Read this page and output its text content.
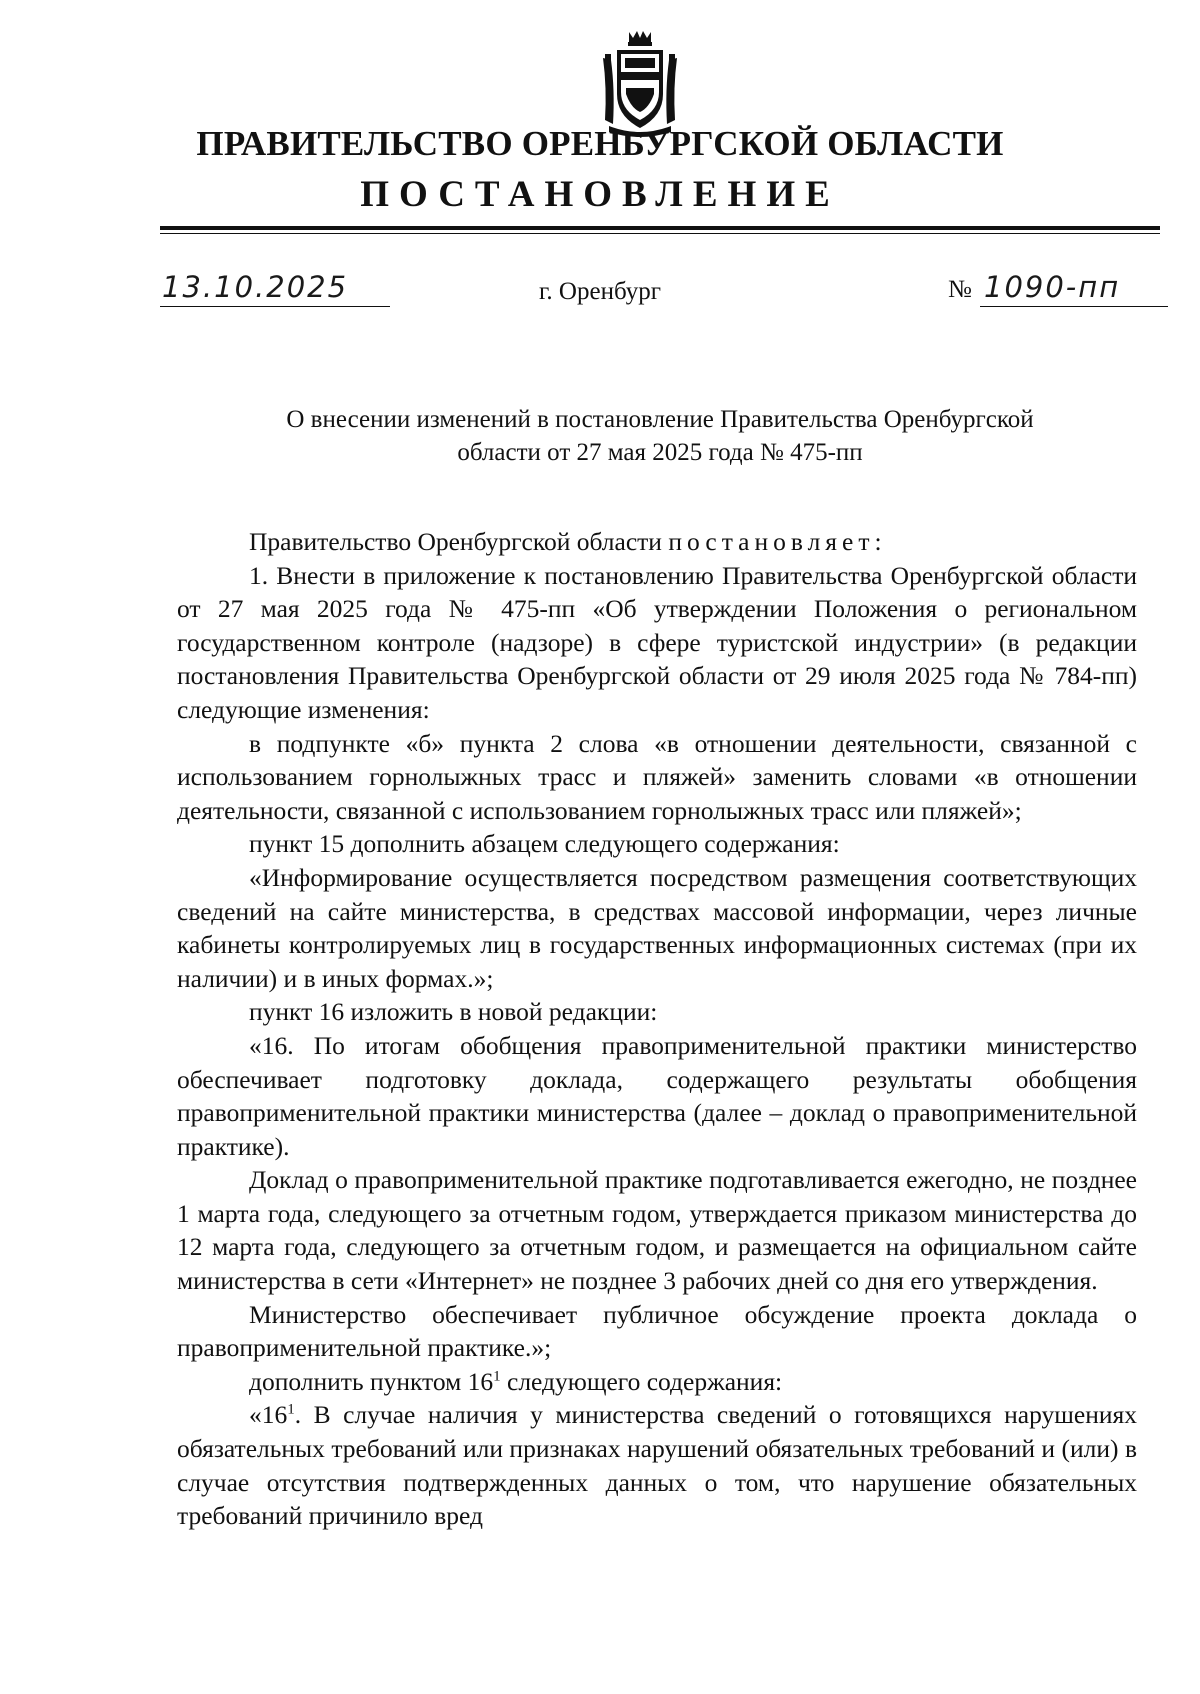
ПРАВИТЕЛЬСТВО ОРЕНБУРГСКОЙ ОБЛАСТИ
ПОСТАНОВЛЕНИЕ
13.10.2025	г. Оренбург	№ 1090-пп

О внесении изменений в постановление Правительства Оренбургской
области от 27 мая 2025 года № 475-пп

Правительство Оренбургской области постановляет:

1. Внести в приложение к постановлению Правительства Оренбургской области от 27 мая 2025 года № 475-пп «Об утверждении Положения о региональном государственном контроле (надзоре) в сфере туристской индустрии» (в редакции постановления Правительства Оренбургской области от 29 июля 2025 года № 784-пп) следующие изменения:

в подпункте «б» пункта 2 слова «в отношении деятельности, связанной с использованием горнолыжных трасс и пляжей» заменить словами «в отношении деятельности, связанной с использованием горнолыжных трасс или пляжей»;

пункт 15 дополнить абзацем следующего содержания:

«Информирование осуществляется посредством размещения соответствующих сведений на сайте министерства, в средствах массовой информации, через личные кабинеты контролируемых лиц в государственных информационных системах (при их наличии) и в иных формах.»;

пункт 16 изложить в новой редакции:

«16. По итогам обобщения правоприменительной практики министерство обеспечивает подготовку доклада, содержащего результаты обобщения правоприменительной практики министерства (далее – доклад о правоприменительной практике).

Доклад о правоприменительной практике подготавливается ежегодно, не позднее 1 марта года, следующего за отчетным годом, утверждается приказом министерства до 12 марта года, следующего за отчетным годом, и размещается на официальном сайте министерства в сети «Интернет» не позднее 3 рабочих дней со дня его утверждения.

Министерство обеспечивает публичное обсуждение проекта доклада о правоприменительной практике.»;

дополнить пунктом $16^1$ следующего содержания:

«$16^1$. В случае наличия у министерства сведений о готовящихся нарушениях обязательных требований или признаках нарушений обязательных требований и (или) в случае отсутствия подтвержденных данных о том, что нарушение обязательных требований причинило вред
